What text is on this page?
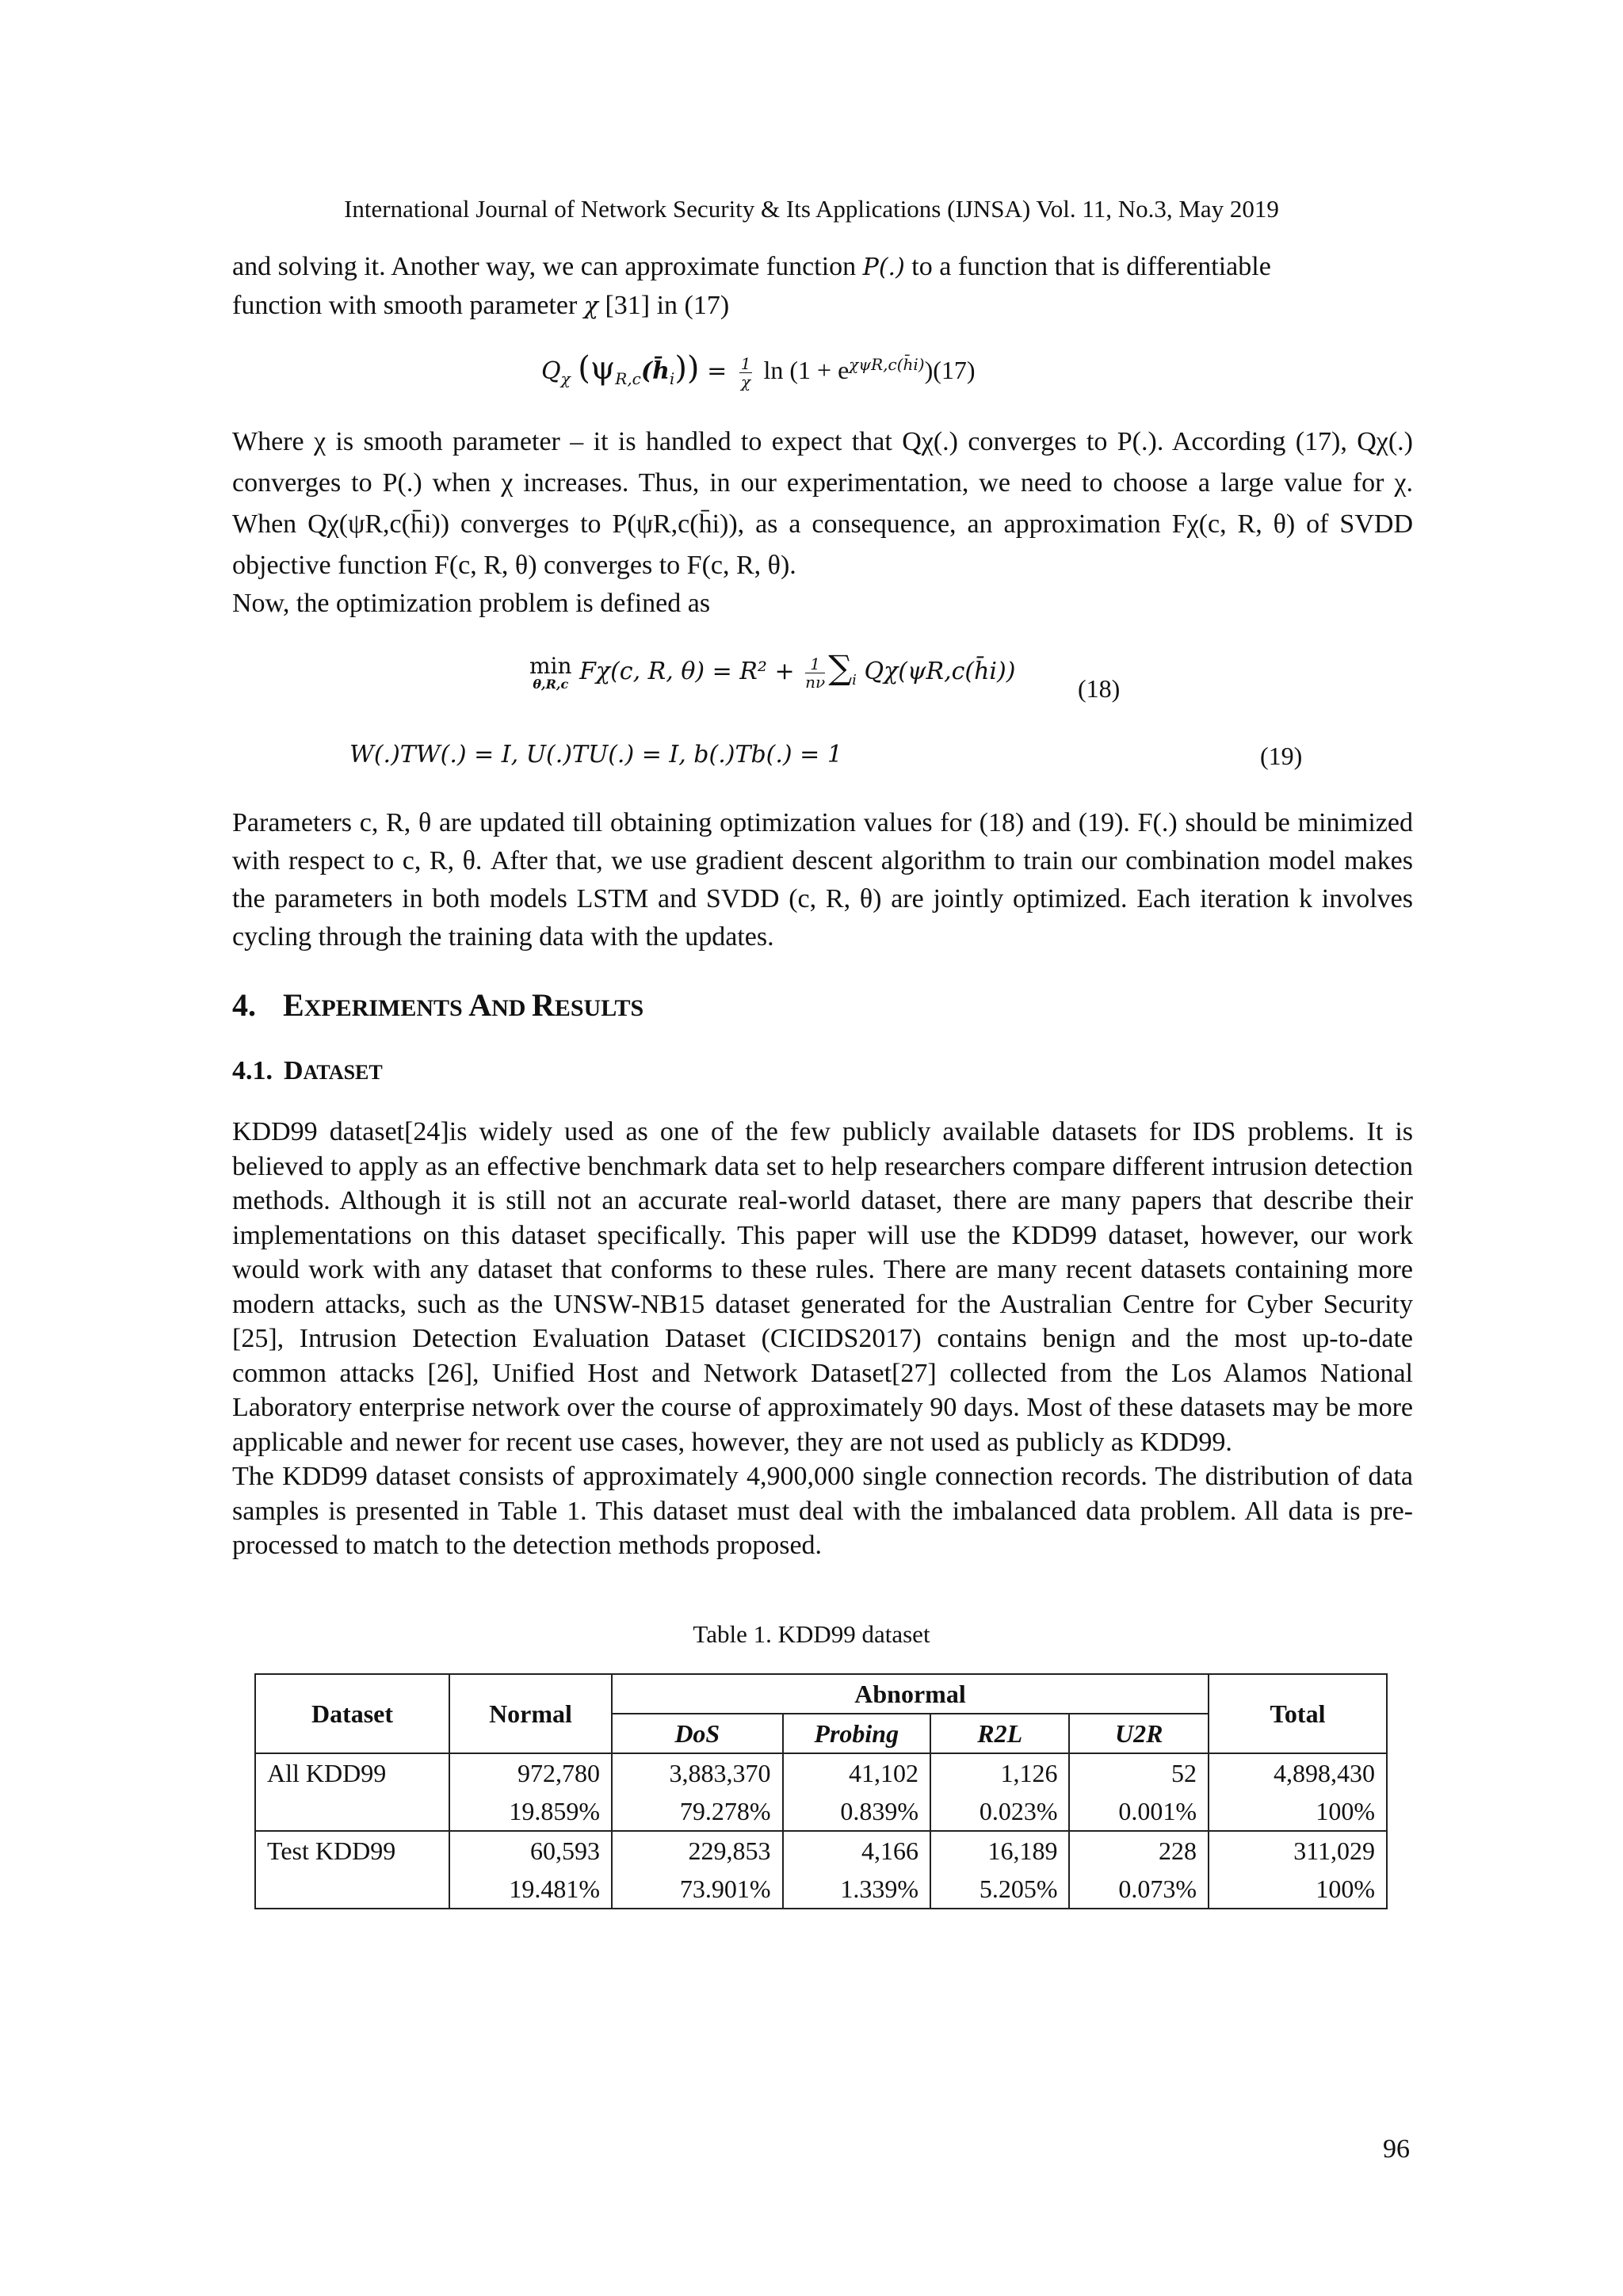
International Journal of Network Security & Its Applications (IJNSA) Vol. 11, No.3, May 2019

and solving it. Another way, we can approximate function P(.) to a function that is differentiable

function with smooth parameter χ [31] in (17)

$Q_\chi$ $(\psi_{R,c}(h̄_i)) = \frac{1}{\chi}$ $\ln (1 + e^{\chi\psi R,c(h̄i)})(17)$

Where χ is smooth parameter – it is handled to expect that Qχ(.) converges to P(.). According (17), Qχ(.) converges to P(.) when χ increases. Thus, in our experimentation, we need to choose a large value for χ. When Qχ(ψR,c(h̄i)) converges to P(ψR,c(h̄i)), as a consequence, an approximation Fχ(c, R, θ) of SVDD objective function F(c, R, θ) converges to F(c, R, θ).

Now, the optimization problem is defined as

min
θ,R,c Fχ(c, R, $\theta) = R^2 + \frac{1}{n\nu} \sum_i$ Qχ(ψR,c(h̄i))
(18)
W(.)TW(.) = I, U(.)TU(.) = I, b(.)Tb(.) = 1	(19)
Parameters c, R, θ are updated till obtaining optimization values for (18) and (19). F(.) should be minimized with respect to c, R, θ. After that, we use gradient descent algorithm to train our combination model makes the parameters in both models LSTM and SVDD (c, R, θ) are jointly optimized. Each iteration k involves cycling through the training data with the updates.
4. EXPERIMENTS AND RESULTS
4.1. DATASET

KDD99 dataset[24]is widely used as one of the few publicly available datasets for IDS problems. It is believed to apply as an effective benchmark data set to help researchers compare different intrusion detection methods. Although it is still not an accurate real-world dataset, there are many papers that describe their implementations on this dataset specifically. This paper will use the KDD99 dataset, however, our work would work with any dataset that conforms to these rules. There are many recent datasets containing more modern attacks, such as the UNSW-NB15 dataset generated for the Australian Centre for Cyber Security [25], Intrusion Detection Evaluation Dataset (CICIDS2017) contains benign and the most up-to-date common attacks [26], Unified Host and Network Dataset[27] collected from the Los Alamos National Laboratory enterprise network over the course of approximately 90 days. Most of these datasets may be more applicable and newer for recent use cases, however, they are not used as publicly as KDD99.

The KDD99 dataset consists of approximately 4,900,000 single connection records. The distribution of data samples is presented in Table 1. This dataset must deal with the imbalanced data problem. All data is pre-processed to match to the detection methods proposed.

Table 1. KDD99 dataset
Dataset	Normal	Abnormal				Total
		DoS	Probing	R2L	U2R	
All KDD99	972,780	3,883,370	41,102	1,126	52	4,898,430
	19.859%	79.278%	0.839%	0.023%	0.001%	100%
Test KDD99	60,593	229,853	4,166	16,189	228	311,029
	19.481%	73.901%	1.339%	5.205%	0.073%	100%
96
